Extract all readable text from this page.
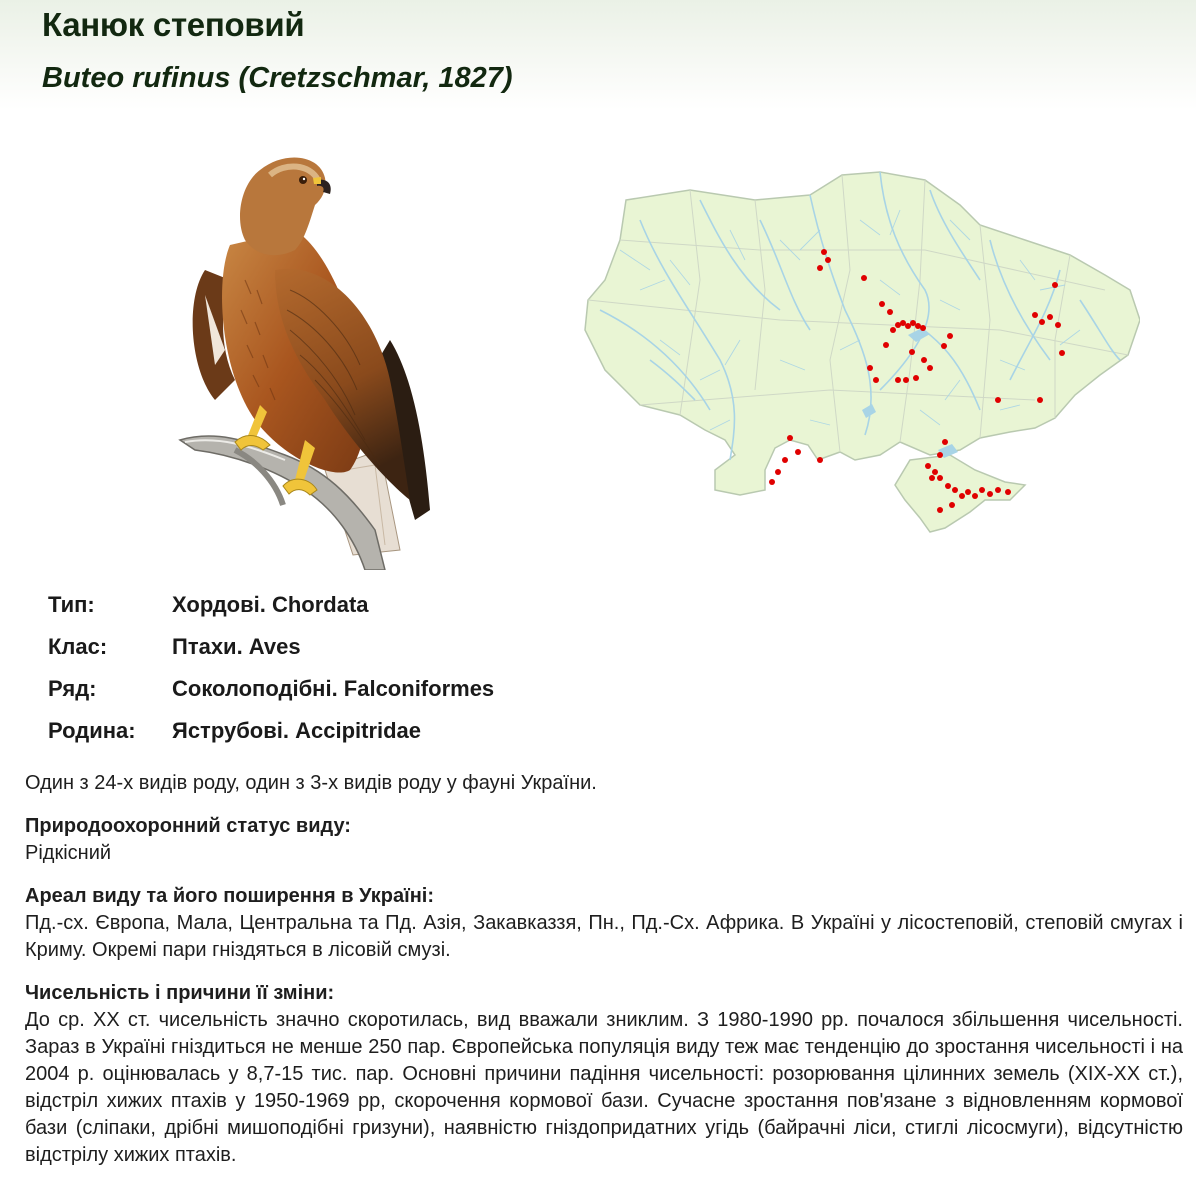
Канюк степовий
Buteo rufinus (Cretzschmar, 1827)
Тип:	Хордові. Chordata
Клас:	Птахи. Aves
Ряд:	Соколоподібні. Falconiformes
Родина:	Яструбові. Accipitridae

Один з 24-х видів роду, один з 3-х видів роду у фауні України.

Природоохоронний статус виду:

Рідкісний

Ареал виду та його поширення в Україні:

Пд.-сх. Європа, Мала, Центральна та Пд. Азія, Закавказзя, Пн., Пд.-Сх. Африка. В Україні у лісостеповій, степовій смугах і Криму. Окремі пари гніздяться в лісовій смузі.

Чисельність і причини її зміни:

До ср. XX ст. чисельність значно скоротилась, вид вважали зниклим. З 1980-1990 рр. почалося збільшення чисельності. Зараз в Україні гніздиться не менше 250 пар. Європейська популяція виду теж має тенденцію до зростання чисельності і на 2004 р. оцінювалась у 8,7-15 тис. пар. Основні причини падіння чисельності: розорювання цілинних земель (XIX-XX ст.), відстріл хижих птахів у 1950-1969 рр, скорочення кормової бази. Сучасне зростання пов'язане з відновленням кормової бази (сліпаки, дрібні мишоподібні гризуни), наявністю гніздопридатних угідь (байрачні ліси, стиглі лісосмуги), відсутністю відстрілу хижих птахів.
